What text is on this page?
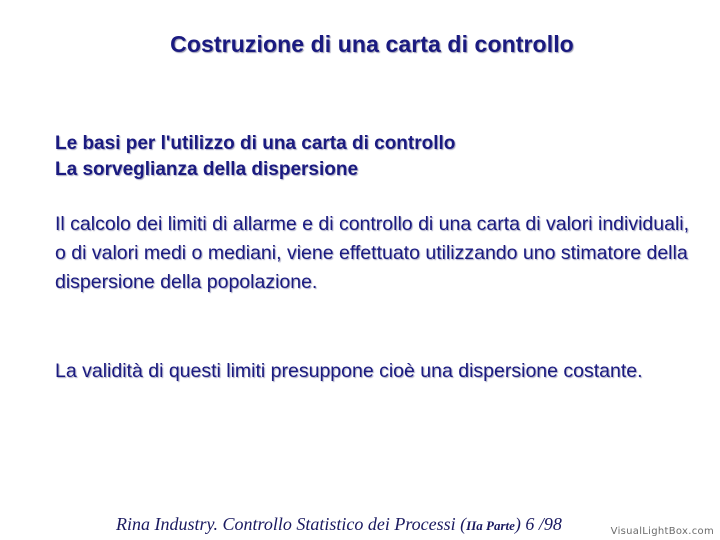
Costruzione di una carta di controllo
Le basi per l'utilizzo di una carta di controllo
La sorveglianza della dispersione
Il calcolo dei limiti di allarme e di controllo di una carta di valori individuali, o di valori medi o mediani, viene effettuato utilizzando uno stimatore della dispersione della popolazione.
La validità di questi limiti presuppone cioè una dispersione costante.
Rina Industry. Controllo Statistico dei Processi (IIa Parte) 6 /98	VisualLightBox.com
